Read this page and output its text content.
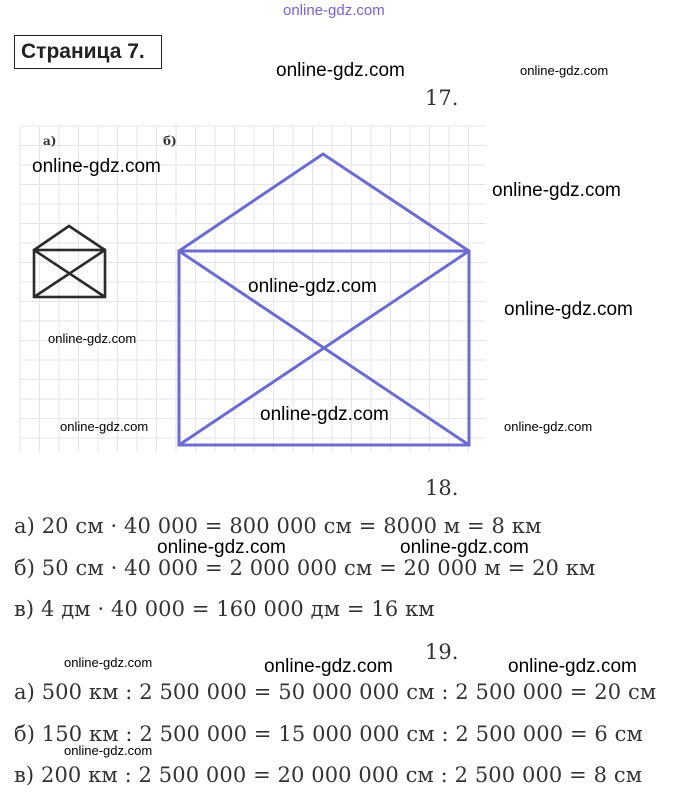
online-gdz.com
Страница 7.
17.
а)	б)
18.
а) 20 см · 40 000 = 800 000 см = 8000 м = 8 км
б) 50 см · 40 000 = 2 000 000 см = 20 000 м = 20 км
в) 4 дм · 40 000 = 160 000 дм = 16 км
19.
а) 500 км : 2 500 000 = 50 000 000 см : 2 500 000 = 20 см
б) 150 км : 2 500 000 = 15 000 000 см : 2 500 000 = 6 см
в) 200 км : 2 500 000 = 20 000 000 см : 2 500 000 = 8 см
online-gdz.com	online-gdz.com
online-gdz.com
online-gdz.com
online-gdz.com
online-gdz.com
online-gdz.com
online-gdz.com
online-gdz.com	online-gdz.com
online-gdz.com	online-gdz.com
online-gdz.com	online-gdz.com	online-gdz.com
online-gdz.com
